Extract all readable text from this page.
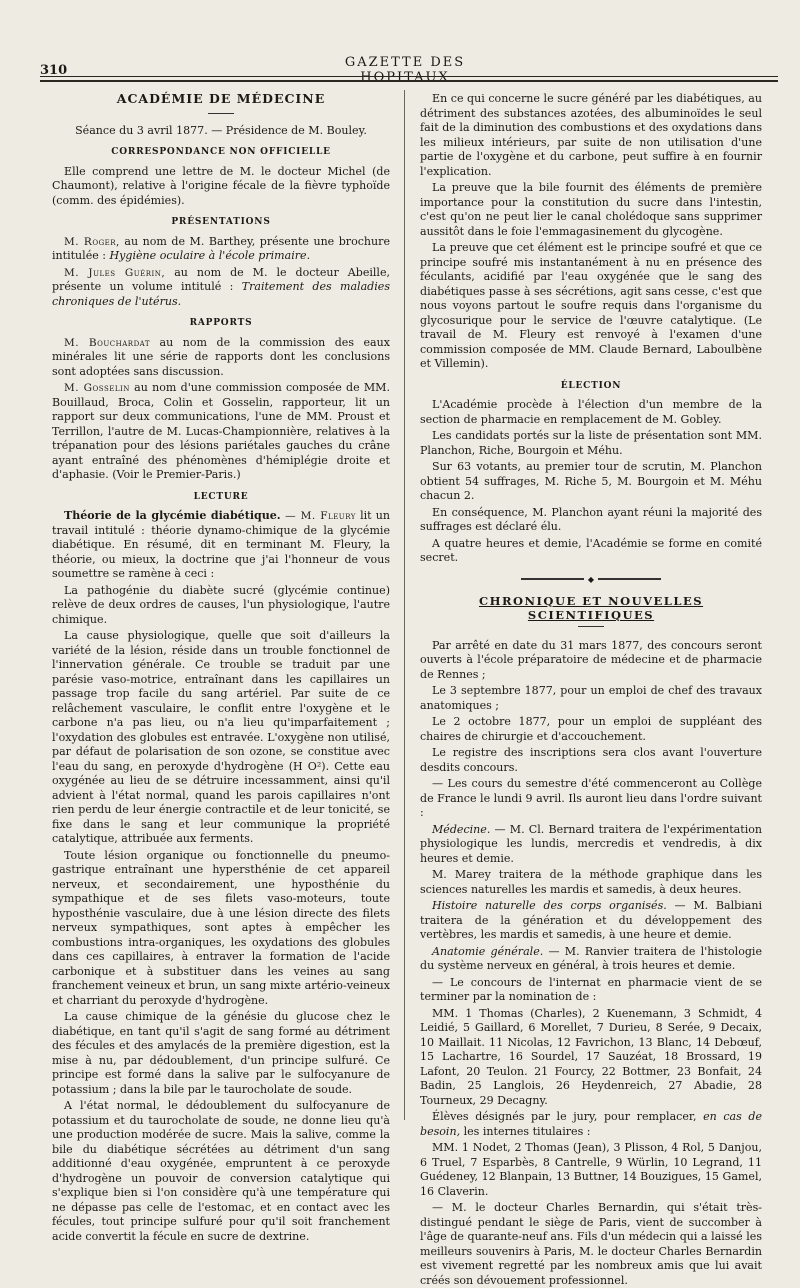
310
GAZETTE DES HOPITAUX
ACADÉMIE DE MÉDECINE

Séance du 3 avril 1877. — Présidence de M. Bouley.

CORRESPONDANCE NON OFFICIELLE

Elle comprend une lettre de M. le docteur Michel (de Chaumont), relative à l'origine fécale de la fièvre typhoïde (comm. des épidémies).

PRÉSENTATIONS

M. Roger, au nom de M. Barthey, présente une brochure intitulée : Hygiène oculaire à l'école primaire.

M. Jules Guérin, au nom de M. le docteur Abeille, présente un volume intitulé : Traitement des maladies chroniques de l'utérus.

RAPPORTS

M. Bouchardat au nom de la commission des eaux minérales lit une série de rapports dont les conclusions sont adoptées sans discussion.

M. Gosselin au nom d'une commission composée de MM. Bouillaud, Broca, Colin et Gosselin, rapporteur, lit un rapport sur deux communications, l'une de MM. Proust et Terrillon, l'autre de M. Lucas-Championnière, relatives à la trépanation pour des lésions pariétales gauches du crâne ayant entraîné des phénomènes d'hémiplégie droite et d'aphasie. (Voir le Premier-Paris.)

LECTURE

Théorie de la glycémie diabétique. — M. Fleury lit un travail intitulé : théorie dynamo-chimique de la glycémie diabétique. En résumé, dit en terminant M. Fleury, la théorie, ou mieux, la doctrine que j'ai l'honneur de vous soumettre se ramène à ceci :

La pathogénie du diabète sucré (glycémie continue) relève de deux ordres de causes, l'un physiologique, l'autre chimique.

La cause physiologique, quelle que soit d'ailleurs la variété de la lésion, réside dans un trouble fonctionnel de l'innervation générale. Ce trouble se traduit par une parésie vaso-motrice, entraînant dans les capillaires un passage trop facile du sang artériel. Par suite de ce relâchement vasculaire, le conflit entre l'oxygène et le carbone n'a pas lieu, ou n'a lieu qu'imparfaitement ; l'oxydation des globules est entravée. L'oxygène non utilisé, par défaut de polarisation de son ozone, se constitue avec l'eau du sang, en peroxyde d'hydrogène (H O²). Cette eau oxygénée au lieu de se détruire incessamment, ainsi qu'il advient à l'état normal, quand les parois capillaires n'ont rien perdu de leur énergie contractile et de leur tonicité, se fixe dans le sang et leur communique la propriété catalytique, attribuée aux ferments.

Toute lésion organique ou fonctionnelle du pneumo-gastrique entraînant une hypersthénie de cet appareil nerveux, et secondairement, une hyposthénie du sympathique et de ses filets vaso-moteurs, toute hyposthénie vasculaire, due à une lésion directe des filets nerveux sympathiques, sont aptes à empêcher les combustions intra-organiques, les oxydations des globules dans ces capillaires, à entraver la formation de l'acide carbonique et à substituer dans les veines au sang franchement veineux et brun, un sang mixte artério-veineux et charriant du peroxyde d'hydrogène.

La cause chimique de la génésie du glucose chez le diabétique, en tant qu'il s'agit de sang formé au détriment des fécules et des amylacés de la première digestion, est la mise à nu, par dédoublement, d'un principe sulfuré. Ce principe est formé dans la salive par le sulfocyanure de potassium ; dans la bile par le taurocholate de soude.

A l'état normal, le dédoublement du sulfocyanure de potassium et du taurocholate de soude, ne donne lieu qu'à une production modérée de sucre. Mais la salive, comme la bile du diabétique sécrétées au détriment d'un sang additionné d'eau oxygénée, empruntent à ce peroxyde d'hydrogène un pouvoir de conversion catalytique qui s'explique bien si l'on considère qu'à une température qui ne dépasse pas celle de l'estomac, et en contact avec les fécules, tout principe sulfuré pour qu'il soit franchement acide convertit la fécule en sucre de dextrine.

En ce qui concerne le sucre généré par les diabétiques, au détriment des substances azotées, des albuminoïdes le seul fait de la diminution des combustions et des oxydations dans les milieux intérieurs, par suite de non utilisation d'une partie de l'oxygène et du carbone, peut suffire à en fournir l'explication.

La preuve que la bile fournit des éléments de première importance pour la constitution du sucre dans l'intestin, c'est qu'on ne peut lier le canal cholédoque sans supprimer aussitôt dans le foie l'emmagasinement du glycogène.

La preuve que cet élément est le principe soufré et que ce principe soufré mis instantanément à nu en présence des féculants, acidifié par l'eau oxygénée que le sang des diabétiques passe à ses sécrétions, agit sans cesse, c'est que nous voyons partout le soufre requis dans l'organisme du glycosurique pour le service de l'œuvre catalytique. (Le travail de M. Fleury est renvoyé à l'examen d'une commission composée de MM. Claude Bernard, Laboulbène et Villemin).

ÉLECTION

L'Académie procède à l'élection d'un membre de la section de pharmacie en remplacement de M. Gobley.

Les candidats portés sur la liste de présentation sont MM. Planchon, Riche, Bourgoin et Méhu.

Sur 63 votants, au premier tour de scrutin, M. Planchon obtient 54 suffrages, M. Riche 5, M. Bourgoin et M. Méhu chacun 2.

En conséquence, M. Planchon ayant réuni la majorité des suffrages est déclaré élu.

A quatre heures et demie, l'Académie se forme en comité secret.

◆
CHRONIQUE ET NOUVELLES SCIENTIFIQUES

Par arrêté en date du 31 mars 1877, des concours seront ouverts à l'école préparatoire de médecine et de pharmacie de Rennes ;

Le 3 septembre 1877, pour un emploi de chef des travaux anatomiques ;

Le 2 octobre 1877, pour un emploi de suppléant des chaires de chirurgie et d'accouchement.

Le registre des inscriptions sera clos avant l'ouverture desdits concours.

— Les cours du semestre d'été commenceront au Collège de France le lundi 9 avril. Ils auront lieu dans l'ordre suivant :

Médecine. — M. Cl. Bernard traitera de l'expérimentation physiologique les lundis, mercredis et vendredis, à dix heures et demie.

M. Marey traitera de la méthode graphique dans les sciences naturelles les mardis et samedis, à deux heures.

Histoire naturelle des corps organisés. — M. Balbiani traitera de la génération et du développement des vertèbres, les mardis et samedis, à une heure et demie.

Anatomie générale. — M. Ranvier traitera de l'histologie du système nerveux en général, à trois heures et demie.

— Le concours de l'internat en pharmacie vient de se terminer par la nomination de :

MM. 1 Thomas (Charles), 2 Kuenemann, 3 Schmidt, 4 Leidié, 5 Gaillard, 6 Morellet, 7 Durieu, 8 Serée, 9 Decaix, 10 Maillait. 11 Nicolas, 12 Favrichon, 13 Blanc, 14 Debœuf, 15 Lachartre, 16 Sourdel, 17 Sauzéat, 18 Brossard, 19 Lafont, 20 Teulon. 21 Fourcy, 22 Bottmer, 23 Bonfait, 24 Badin, 25 Langlois, 26 Heydenreich, 27 Abadie, 28 Tourneux, 29 Decagny.

Élèves désignés par le jury, pour remplacer, en cas de besoin, les internes titulaires :

MM. 1 Nodet, 2 Thomas (Jean), 3 Plisson, 4 Rol, 5 Danjou, 6 Truel, 7 Esparbès, 8 Cantrelle, 9 Würlin, 10 Legrand, 11 Guédeney, 12 Blanpain, 13 Buttner, 14 Bouzigues, 15 Gamel, 16 Claverin.

— M. le docteur Charles Bernardin, qui s'était très-distingué pendant le siège de Paris, vient de succomber à l'âge de quarante-neuf ans. Fils d'un médecin qui a laissé les meilleurs souvenirs à Paris, M. le docteur Charles Bernardin est vivement regretté par les nombreux amis que lui avait créés son dévouement professionnel.
